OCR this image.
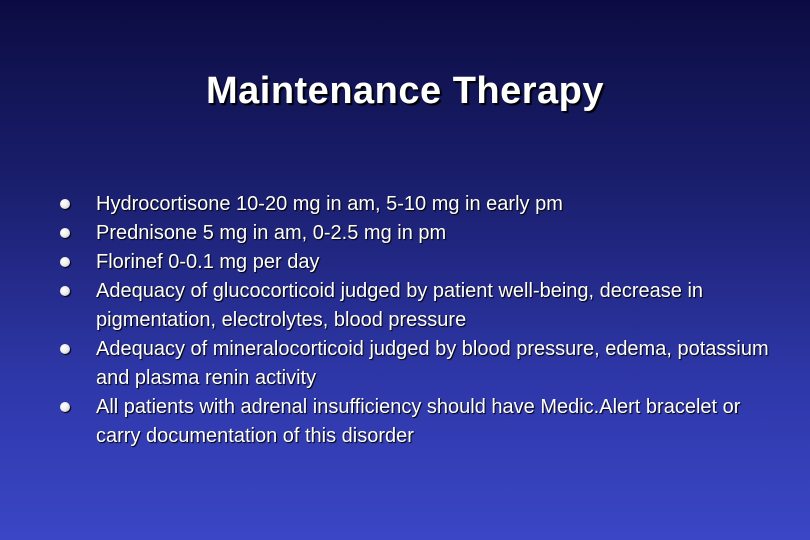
Maintenance Therapy
Hydrocortisone 10-20 mg in am, 5-10 mg in early pm
Prednisone 5 mg in am, 0-2.5 mg in pm
Florinef 0-0.1 mg per day
Adequacy of glucocorticoid judged by patient well-being, decrease in pigmentation, electrolytes, blood pressure
Adequacy of mineralocorticoid judged by blood pressure, edema, potassium and plasma renin activity
All patients with adrenal insufficiency should have Medic.Alert bracelet or carry documentation of this disorder
